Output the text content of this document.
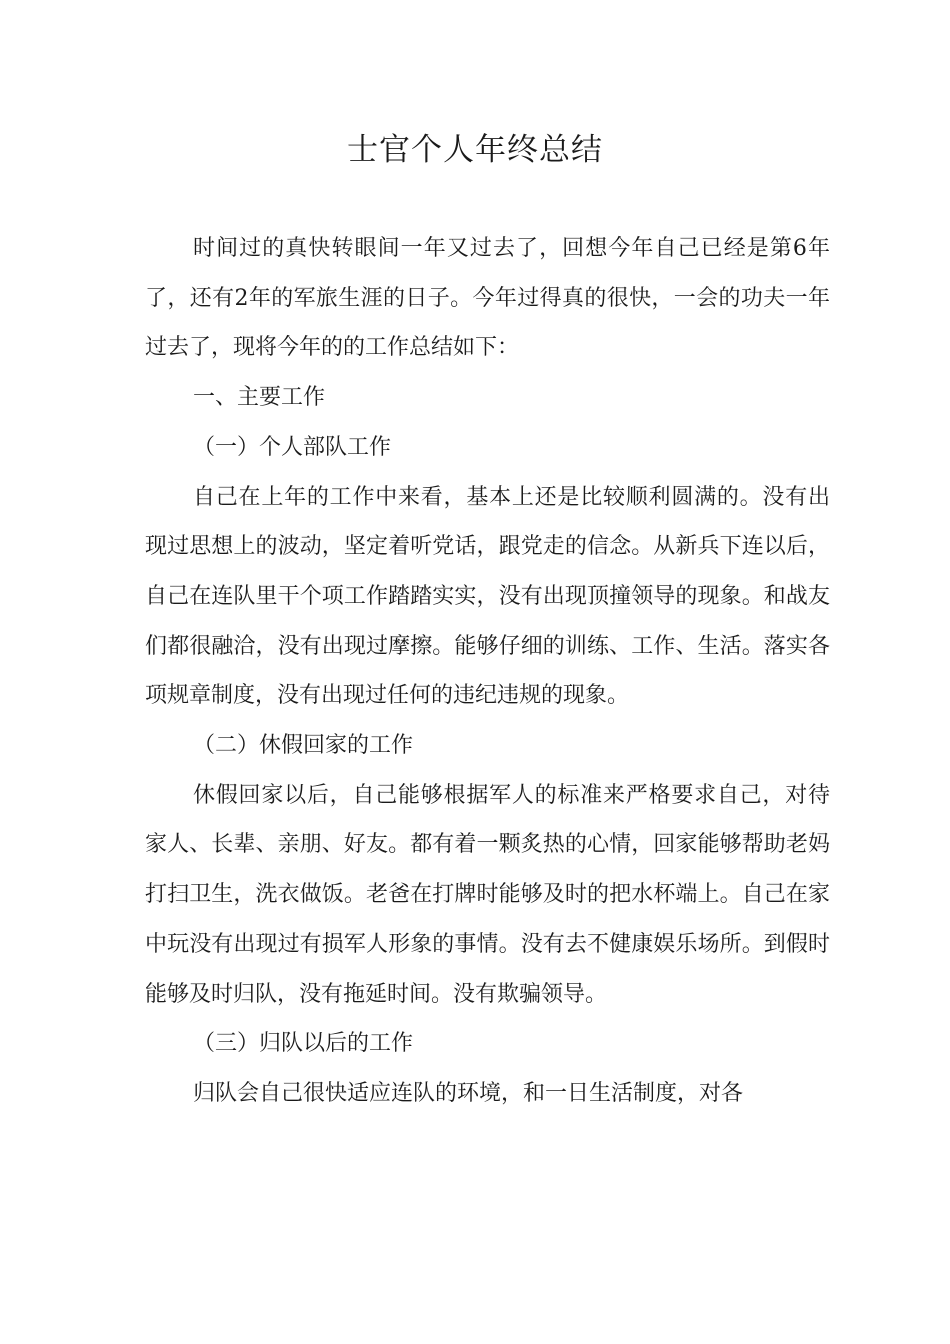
士官个人年终总结

时间过的真快转眼间一年又过去了，回想今年自己已经是第6年了，还有2年的军旅生涯的日子。今年过得真的很快，一会的功夫一年过去了，现将今年的的工作总结如下：

一、主要工作

（一）个人部队工作

自己在上年的工作中来看，基本上还是比较顺利圆满的。没有出现过思想上的波动，坚定着听党话，跟党走的信念。从新兵下连以后，自己在连队里干个项工作踏踏实实，没有出现顶撞领导的现象。和战友们都很融洽，没有出现过摩擦。能够仔细的训练、工作、生活。落实各项规章制度，没有出现过任何的违纪违规的现象。

（二）休假回家的工作

休假回家以后，自己能够根据军人的标准来严格要求自己，对待家人、长辈、亲朋、好友。都有着一颗炙热的心情，回家能够帮助老妈打扫卫生，洗衣做饭。老爸在打牌时能够及时的把水杯端上。自己在家中玩没有出现过有损军人形象的事情。没有去不健康娱乐场所。到假时能够及时归队，没有拖延时间。没有欺骗领导。

（三）归队以后的工作

归队会自己很快适应连队的环境，和一日生活制度，对各
